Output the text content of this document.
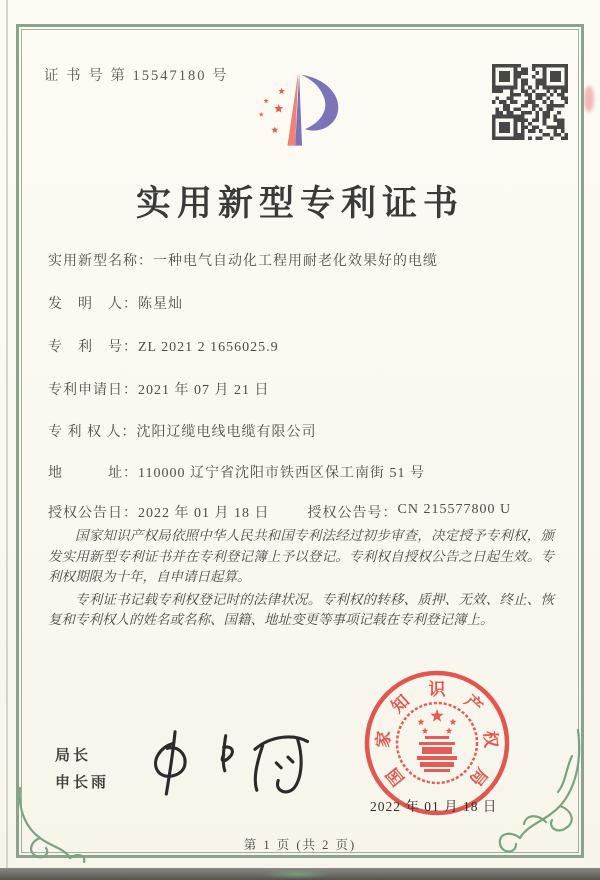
证 书 号 第 15547180 号
实用新型专利证书
实用新型名称： 一种电气自动化工程用耐老化效果好的电缆
发　明　人： 陈星灿
专　利　号： ZL 2021 2 1656025.9
专利申请日： 2021 年 07 月 21 日
专 利 权 人： 沈阳辽缆电线电缆有限公司
地　　　址： 110000 辽宁省沈阳市铁西区保工南街 51 号
授权公告日： 2022 年 01 月 18 日	授权公告号： CN 215577800 U

国家知识产权局依照中华人民共和国专利法经过初步审查，决定授予专利权，颁发实用新型专利证书并在专利登记簿上予以登记。专利权自授权公告之日起生效。专利权期限为十年，自申请日起算。

专利证书记载专利权登记时的法律状况。专利权的转移、质押、无效、终止、恢复和专利权人的姓名或名称、国籍、地址变更等事项记载在专利登记簿上。

局长
申长雨	国
家
知
识
产
权
局
2022 年 01 月 18 日
第 1 页 (共 2 页)
